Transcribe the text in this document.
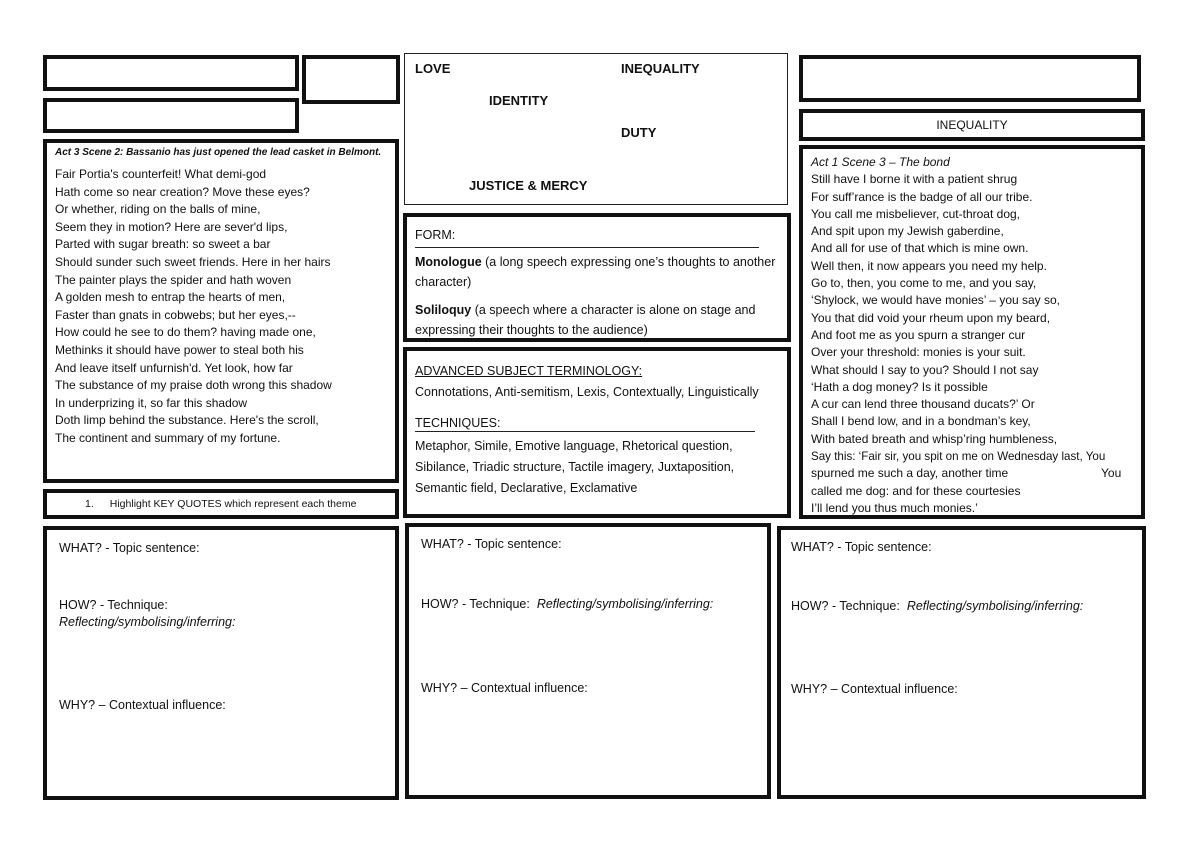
LOVE	INEQUALITY
IDENTITY
DUTY
JUSTICE & MERCY
INEQUALITY
Act 3 Scene 2: Bassanio has just opened the lead casket in Belmont.
Fair Portia's counterfeit! What demi-god
Hath come so near creation? Move these eyes?
Or whether, riding on the balls of mine,
Seem they in motion? Here are sever'd lips,
Parted with sugar breath: so sweet a bar
Should sunder such sweet friends. Here in her hairs
The painter plays the spider and hath woven
A golden mesh to entrap the hearts of men,
Faster than gnats in cobwebs; but her eyes,--
How could he see to do them? having made one,
Methinks it should have power to steal both his
And leave itself unfurnish'd. Yet look, how far
The substance of my praise doth wrong this shadow
In underprizing it, so far this shadow
Doth limp behind the substance. Here's the scroll,
The continent and summary of my fortune.
1. Highlight KEY QUOTES which represent each theme
FORM:

Monologue (a long speech expressing one’s thoughts to another character)

Soliloquy (a speech where a character is alone on stage and expressing their thoughts to the audience)

ADVANCED SUBJECT TERMINOLOGY:

Connotations, Anti-semitism, Lexis, Contextually, Linguistically

TECHNIQUES:

Metaphor, Simile, Emotive language, Rhetorical question, Sibilance, Triadic structure, Tactile imagery, Juxtaposition, Semantic field, Declarative, Exclamative

Act 1 Scene 3 – The bond
Still have I borne it with a patient shrug
For suff’rance is the badge of all our tribe.
You call me misbeliever, cut-throat dog,
And spit upon my Jewish gaberdine,
And all for use of that which is mine own.
Well then, it now appears you need my help.
Go to, then, you come to me, and you say,
‘Shylock, we would have monies’ – you say so,
You that did void your rheum upon my beard,
And foot me as you spurn a stranger cur
Over your threshold: monies is your suit.
What should I say to you? Should I not say
‘Hath a dog money? Is it possible
A cur can lend three thousand ducats?’ Or
Shall I bend low, and in a bondman’s key,
With bated breath and whisp’ring humbleness,
Say this: ‘Fair sir, you spit on me on Wednesday last, You
spurned me such a day, another time	You
called me dog: and for these courtesies
I’ll lend you thus much monies.’
WHAT? - Topic sentence:
HOW? - Technique:
Reflecting/symbolising/inferring:
WHY? – Contextual influence:
WHAT? - Topic sentence:
HOW? - Technique: Reflecting/symbolising/inferring:
WHY? – Contextual influence:
WHAT? - Topic sentence:
HOW? - Technique: Reflecting/symbolising/inferring:
WHY? – Contextual influence:
